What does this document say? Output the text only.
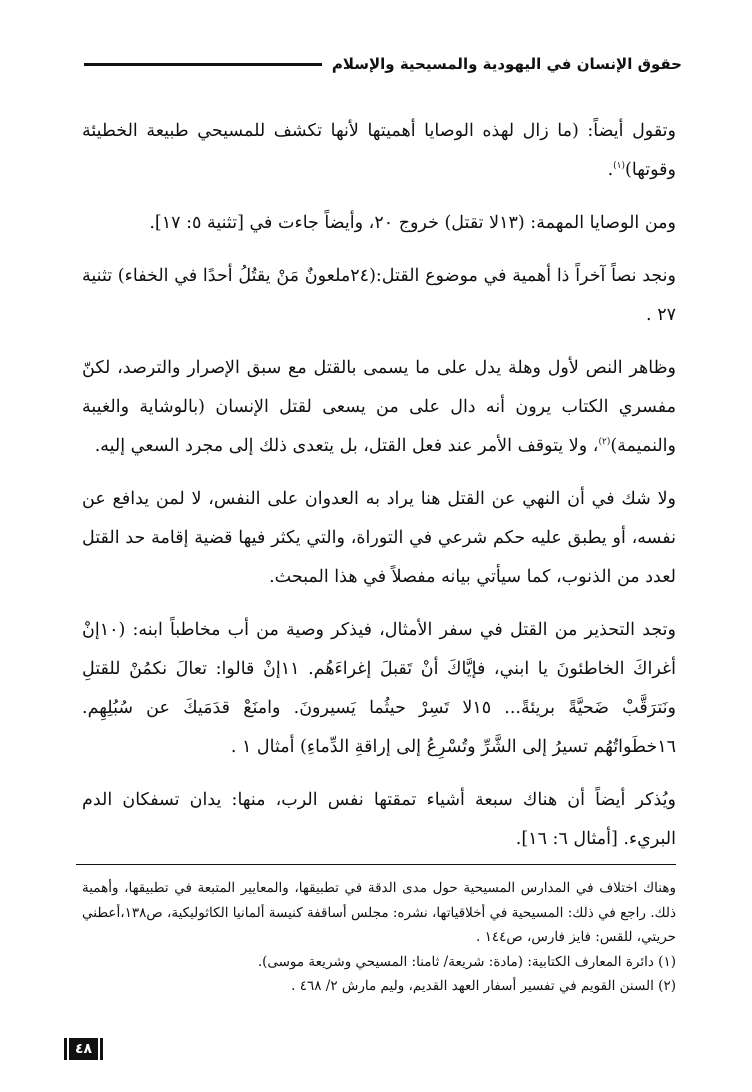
حقوق الإنسان في اليهودية والمسيحية والإسلام

وتقول أيضاً: (ما زال لهذه الوصايا أهميتها لأنها تكشف للمسيحي طبيعة الخطيئة وقوتها)$^{(١)}$.

ومن الوصايا المهمة: (١٣لا تقتل) خروج ٢٠، وأيضاً جاءت في [تثنية ٥: ١٧].

ونجد نصاً آخراً ذا أهمية في موضوع القتل:(٢٤ملعونٌ مَنْ يقتُلُ أحدًا في الخفاء) تثنية ٢٧ .

وظاهر النص لأول وهلة يدل على ما يسمى بالقتل مع سبق الإصرار والترصد، لكنّ مفسري الكتاب يرون أنه دال على من يسعى لقتل الإنسان (بالوشاية والغيبة والنميمة)$^{(٢)}$، ولا يتوقف الأمر عند فعل القتل، بل يتعدى ذلك إلى مجرد السعي إليه.

ولا شك في أن النهي عن القتل هنا يراد به العدوان على النفس، لا لمن يدافع عن نفسه، أو يطبق عليه حكم شرعي في التوراة، والتي يكثر فيها قضية إقامة حد القتل لعدد من الذنوب، كما سيأتي بيانه مفصلاً في هذا المبحث.

وتجد التحذير من القتل في سفر الأمثال، فيذكر وصية من أب مخاطباً ابنه: (١٠إنْ أغراكَ الخاطئونَ يا ابني، فإيَّاكَ أنْ تَقبلَ إغراءَهُم. ١١إنْ قالوا: تعالَ نكمُنْ للقتلِ ونَترَقَّبْ ضَحيَّةً بريئةً... ١٥لا تَسِرْ حيثُما يَسيرونَ. وامنَعْ قدَمَيكَ عن سُبُلِهِم. ١٦خطَواتُهُم تسيرُ إلى الشَّرِّ وتُسْرِعُ إلى إراقةِ الدِّماءِ) أمثال ١ .

ويُذكر أيضاً أن هناك سبعة أشياء تمقتها نفس الرب، منها: يدان تسفكان الدم البريء. [أمثال ٦: ١٦].

وهناك اختلاف في المدارس المسيحية حول مدى الدقة في تطبيقها، والمعايير المتبعة في تطبيقها، وأهمية ذلك. راجع في ذلك: المسيحية في أخلاقياتها، نشره: مجلس أساقفة كنيسة ألمانيا الكاثوليكية، ص١٣٨،أعطني حريتي، للقس: فايز فارس، ص١٤٤ .

(١) دائرة المعارف الكتابية: (مادة: شريعة/ ثامنا: المسيحي وشريعة موسى).

(٢) السنن القويم في تفسير أسفار العهد القديم، وليم مارش ٢/ ٤٦٨ .

٤٨
